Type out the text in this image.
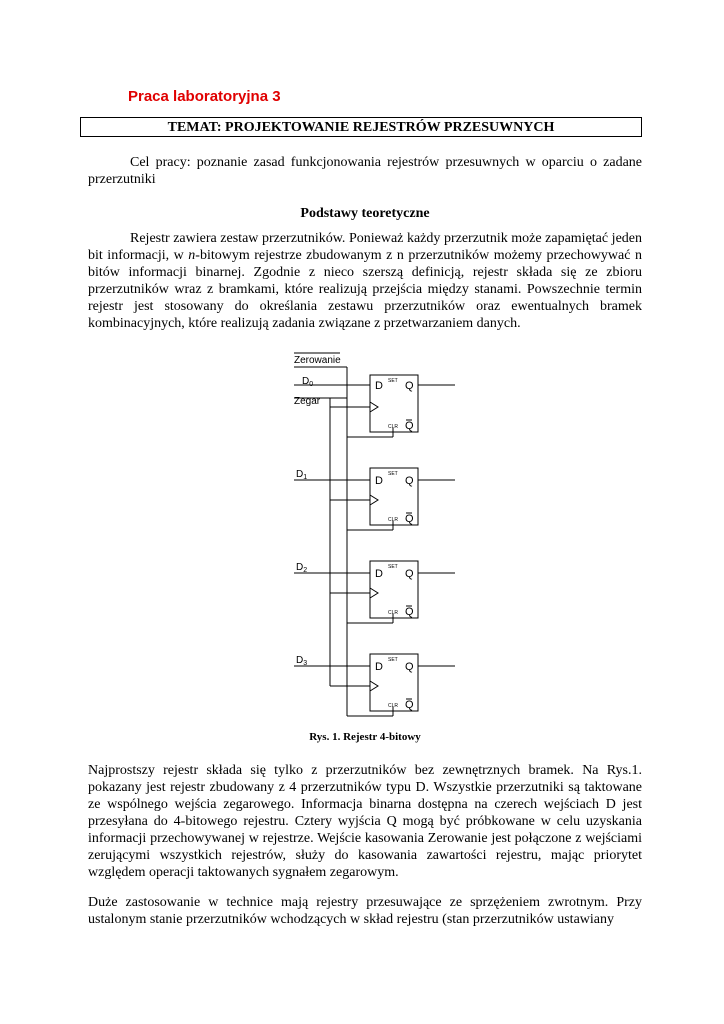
Praca laboratoryjna 3
TEMAT: PROJEKTOWANIE REJESTRÓW PRZESUWNYCH

Cel pracy: poznanie zasad funkcjonowania rejestrów przesuwnych w oparciu o zadane przerzutniki

Podstawy teoretyczne

Rejestr zawiera zestaw przerzutników. Ponieważ każdy przerzutnik może zapamiętać jeden bit informacji, w n-bitowym rejestrze zbudowanym z n przerzutników możemy przechowywać n bitów informacji binarnej. Zgodnie z nieco szerszą definicją, rejestr składa się ze zbioru przerzutników wraz z bramkami, które realizują przejścia między stanami. Powszechnie termin rejestr jest stosowany do określania zestawu przerzutników oraz ewentualnych bramek kombinacyjnych, które realizują zadania związane z przetwarzaniem danych.

Zerowanie
Zegar
$D_0$
$D_1$
$D_2$
$D_3$
D SET Q
CLR Q
D
SET
Q
CLR Q
D
SET
Q
CLR Q
D
SET
Q
CLR Q
Rys. 1. Rejestr 4-bitowy

Najprostszy rejestr składa się tylko z przerzutników bez zewnętrznych bramek. Na Rys.1. pokazany jest rejestr zbudowany z 4 przerzutników typu D. Wszystkie przerzutniki są taktowane ze wspólnego wejścia zegarowego. Informacja binarna dostępna na czerech wejściach D jest przesyłana do 4-bitowego rejestru. Cztery wyjścia Q mogą być próbkowane w celu uzyskania informacji przechowywanej w rejestrze. Wejście kasowania Zerowanie jest połączone z wejściami zerującymi wszystkich rejestrów, służy do kasowania zawartości rejestru, mając priorytet względem operacji taktowanych sygnałem zegarowym.

Duże zastosowanie w technice mają rejestry przesuwające ze sprzężeniem zwrotnym. Przy ustalonym stanie przerzutników wchodzących w skład rejestru (stan przerzutników ustawiany
